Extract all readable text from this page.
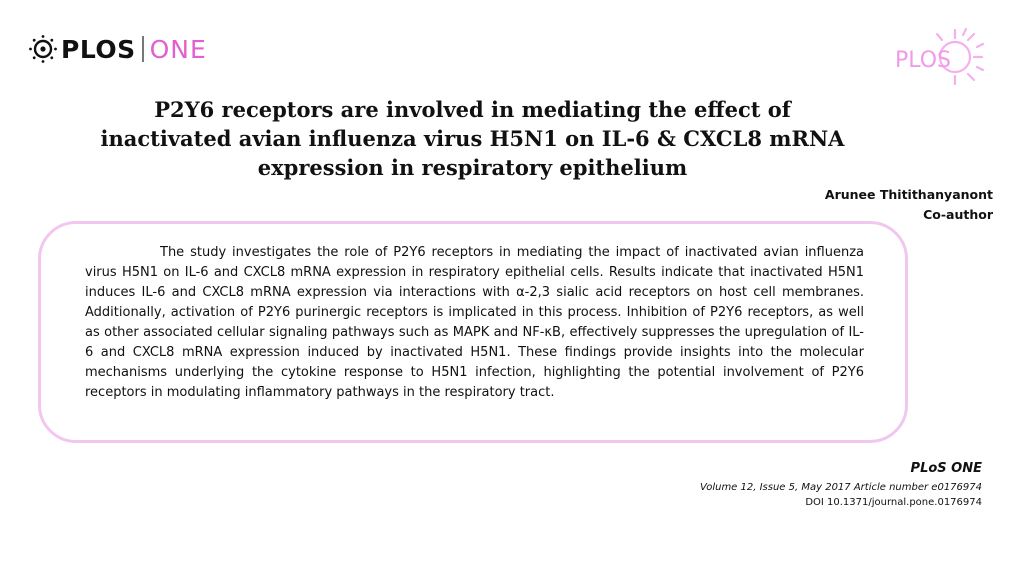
PLOS ONE	PLOS
P2Y6 receptors are involved in mediating the effect of inactivated avian influenza virus H5N1 on IL-6 & CXCL8 mRNA expression in respiratory epithelium
Arunee Thitithanyanont
Co-author

The study investigates the role of P2Y6 receptors in mediating the impact of inactivated avian influenza virus H5N1 on IL-6 and CXCL8 mRNA expression in respiratory epithelial cells. Results indicate that inactivated H5N1 induces IL-6 and CXCL8 mRNA expression via interactions with α-2,3 sialic acid receptors on host cell membranes. Additionally, activation of P2Y6 purinergic receptors is implicated in this process. Inhibition of P2Y6 receptors, as well as other associated cellular signaling pathways such as MAPK and NF-κB, effectively suppresses the upregulation of IL-6 and CXCL8 mRNA expression induced by inactivated H5N1. These findings provide insights into the molecular mechanisms underlying the cytokine response to H5N1 infection, highlighting the potential involvement of P2Y6 receptors in modulating inflammatory pathways in the respiratory tract.

PLoS ONE
Volume 12, Issue 5, May 2017 Article number e0176974
DOI 10.1371/journal.pone.0176974
